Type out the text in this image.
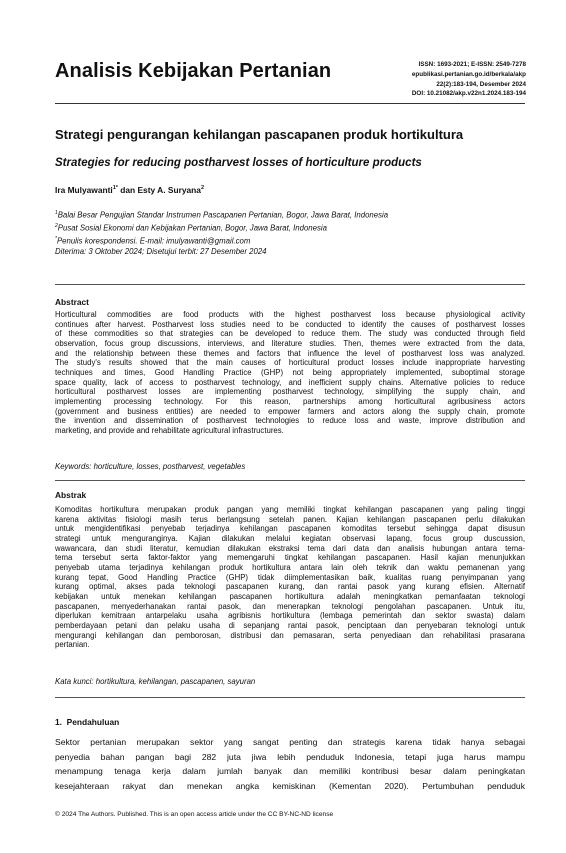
Analisis Kebijakan Pertanian	ISSN: 1693-2021; E-ISSN: 2549-7278
epublikasi.pertanian.go.id/berkala/akp
22(2):183-194, Desember 2024
DOI: 10.21082/akp.v22n1.2024.183-194
Strategi pengurangan kehilangan pascapanen produk hortikultura
Strategies for reducing postharvest losses of horticulture products
Ira Mulyawanti$^{1*}$ dan Esty A. Suryana$^2$
$^1$Balai Besar Pengujian Standar Instrumen Pascapanen Pertanian, Bogor, Jawa Barat, Indonesia
$^2$Pusat Sosial Ekonomi dan Kebijakan Pertanian, Bogor, Jawa Barat, Indonesia
*Penulis korespondensi. E-mail: imulyawanti@gmail.com
Diterima: 3 Oktober 2024; Disetujui terbit: 27 Desember 2024
Abstract
Horticultural commodities are food products with the highest postharvest loss because physiological activity
continues after harvest. Postharvest loss studies need to be conducted to identify the causes of postharvest losses
of these commodities so that strategies can be developed to reduce them. The study was conducted through field
observation, focus group discussions, interviews, and literature studies. Then, themes were extracted from the data,
and the relationship between these themes and factors that influence the level of postharvest loss was analyzed.
The study's results showed that the main causes of horticultural product losses include inappropriate harvesting
techniques and times, Good Handling Practice (GHP) not being appropriately implemented, suboptimal storage
space quality, lack of access to postharvest technology, and inefficient supply chains. Alternative policies to reduce
horticultural postharvest losses are implementing postharvest technology, simplifying the supply chain, and
implementing processing technology. For this reason, partnerships among horticultural agribusiness actors
(government and business entities) are needed to empower farmers and actors along the supply chain, promote
the invention and dissemination of postharvest technologies to reduce loss and waste, improve distribution and
marketing, and provide and rehabilitate agricultural infrastructures.
Keywords: horticulture, losses, postharvest, vegetables
Abstrak
Komoditas hortikultura merupakan produk pangan yang memiliki tingkat kehilangan pascapanen yang paling tinggi
karena aktivitas fisiologi masih terus berlangsung setelah panen. Kajian kehilangan pascapanen perlu dilakukan
untuk mengidentifikasi penyebab terjadinya kehilangan pascapanen komoditas tersebut sehingga dapat disusun
strategi untuk menguranginya. Kajian dilakukan melalui kegiatan observasi lapang, focus group duscussion,
wawancara, dan studi literatur, kemudian dilakukan ekstraksi tema dari data dan analisis hubungan antara tema-
tema tersebut serta faktor-faktor yang memengaruhi tingkat kehilangan pascapanen. Hasil kajian menunjukkan
penyebab utama terjadinya kehilangan produk hortikultura antara lain oleh teknik dan waktu pemanenan yang
kurang tepat, Good Handling Practice (GHP) tidak diimplementasikan baik, kualitas ruang penyimpanan yang
kurang optimal, akses pada teknologi pascapanen kurang, dan rantai pasok yang kurang efisien. Alternatif
kebijakan untuk menekan kehilangan pascapanen hortikultura adalah meningkatkan pemanfaatan teknologi
pascapanen, menyederhanakan rantai pasok, dan menerapkan teknologi pengolahan pascapanen. Untuk itu,
diperlukan kemitraan antarpelaku usaha agribisnis hortikultura (lembaga pemerintah dan sektor swasta) dalam
pemberdayaan petani dan pelaku usaha di sepanjang rantai pasok, penciptaan dan penyebaran teknologi untuk
mengurangi kehilangan dan pemborosan, distribusi dan pemasaran, serta penyediaan dan rehabilitasi prasarana
pertanian.
Kata kunci: hortikultura, kehilangan, pascapanen, sayuran
1.  Pendahuluan
Sektor pertanian merupakan sektor yang sangat penting dan strategis karena tidak hanya sebagai
penyedia bahan pangan bagi 282 juta jiwa lebih penduduk Indonesia, tetapi juga harus mampu
menampung tenaga kerja dalam jumlah banyak dan memiliki kontribusi besar dalam peningkatan
kesejahteraan rakyat dan menekan angka kemiskinan (Kementan 2020). Pertumbuhan penduduk
© 2024 The Authors. Published. This is an open access article under the CC BY-NC-ND license
